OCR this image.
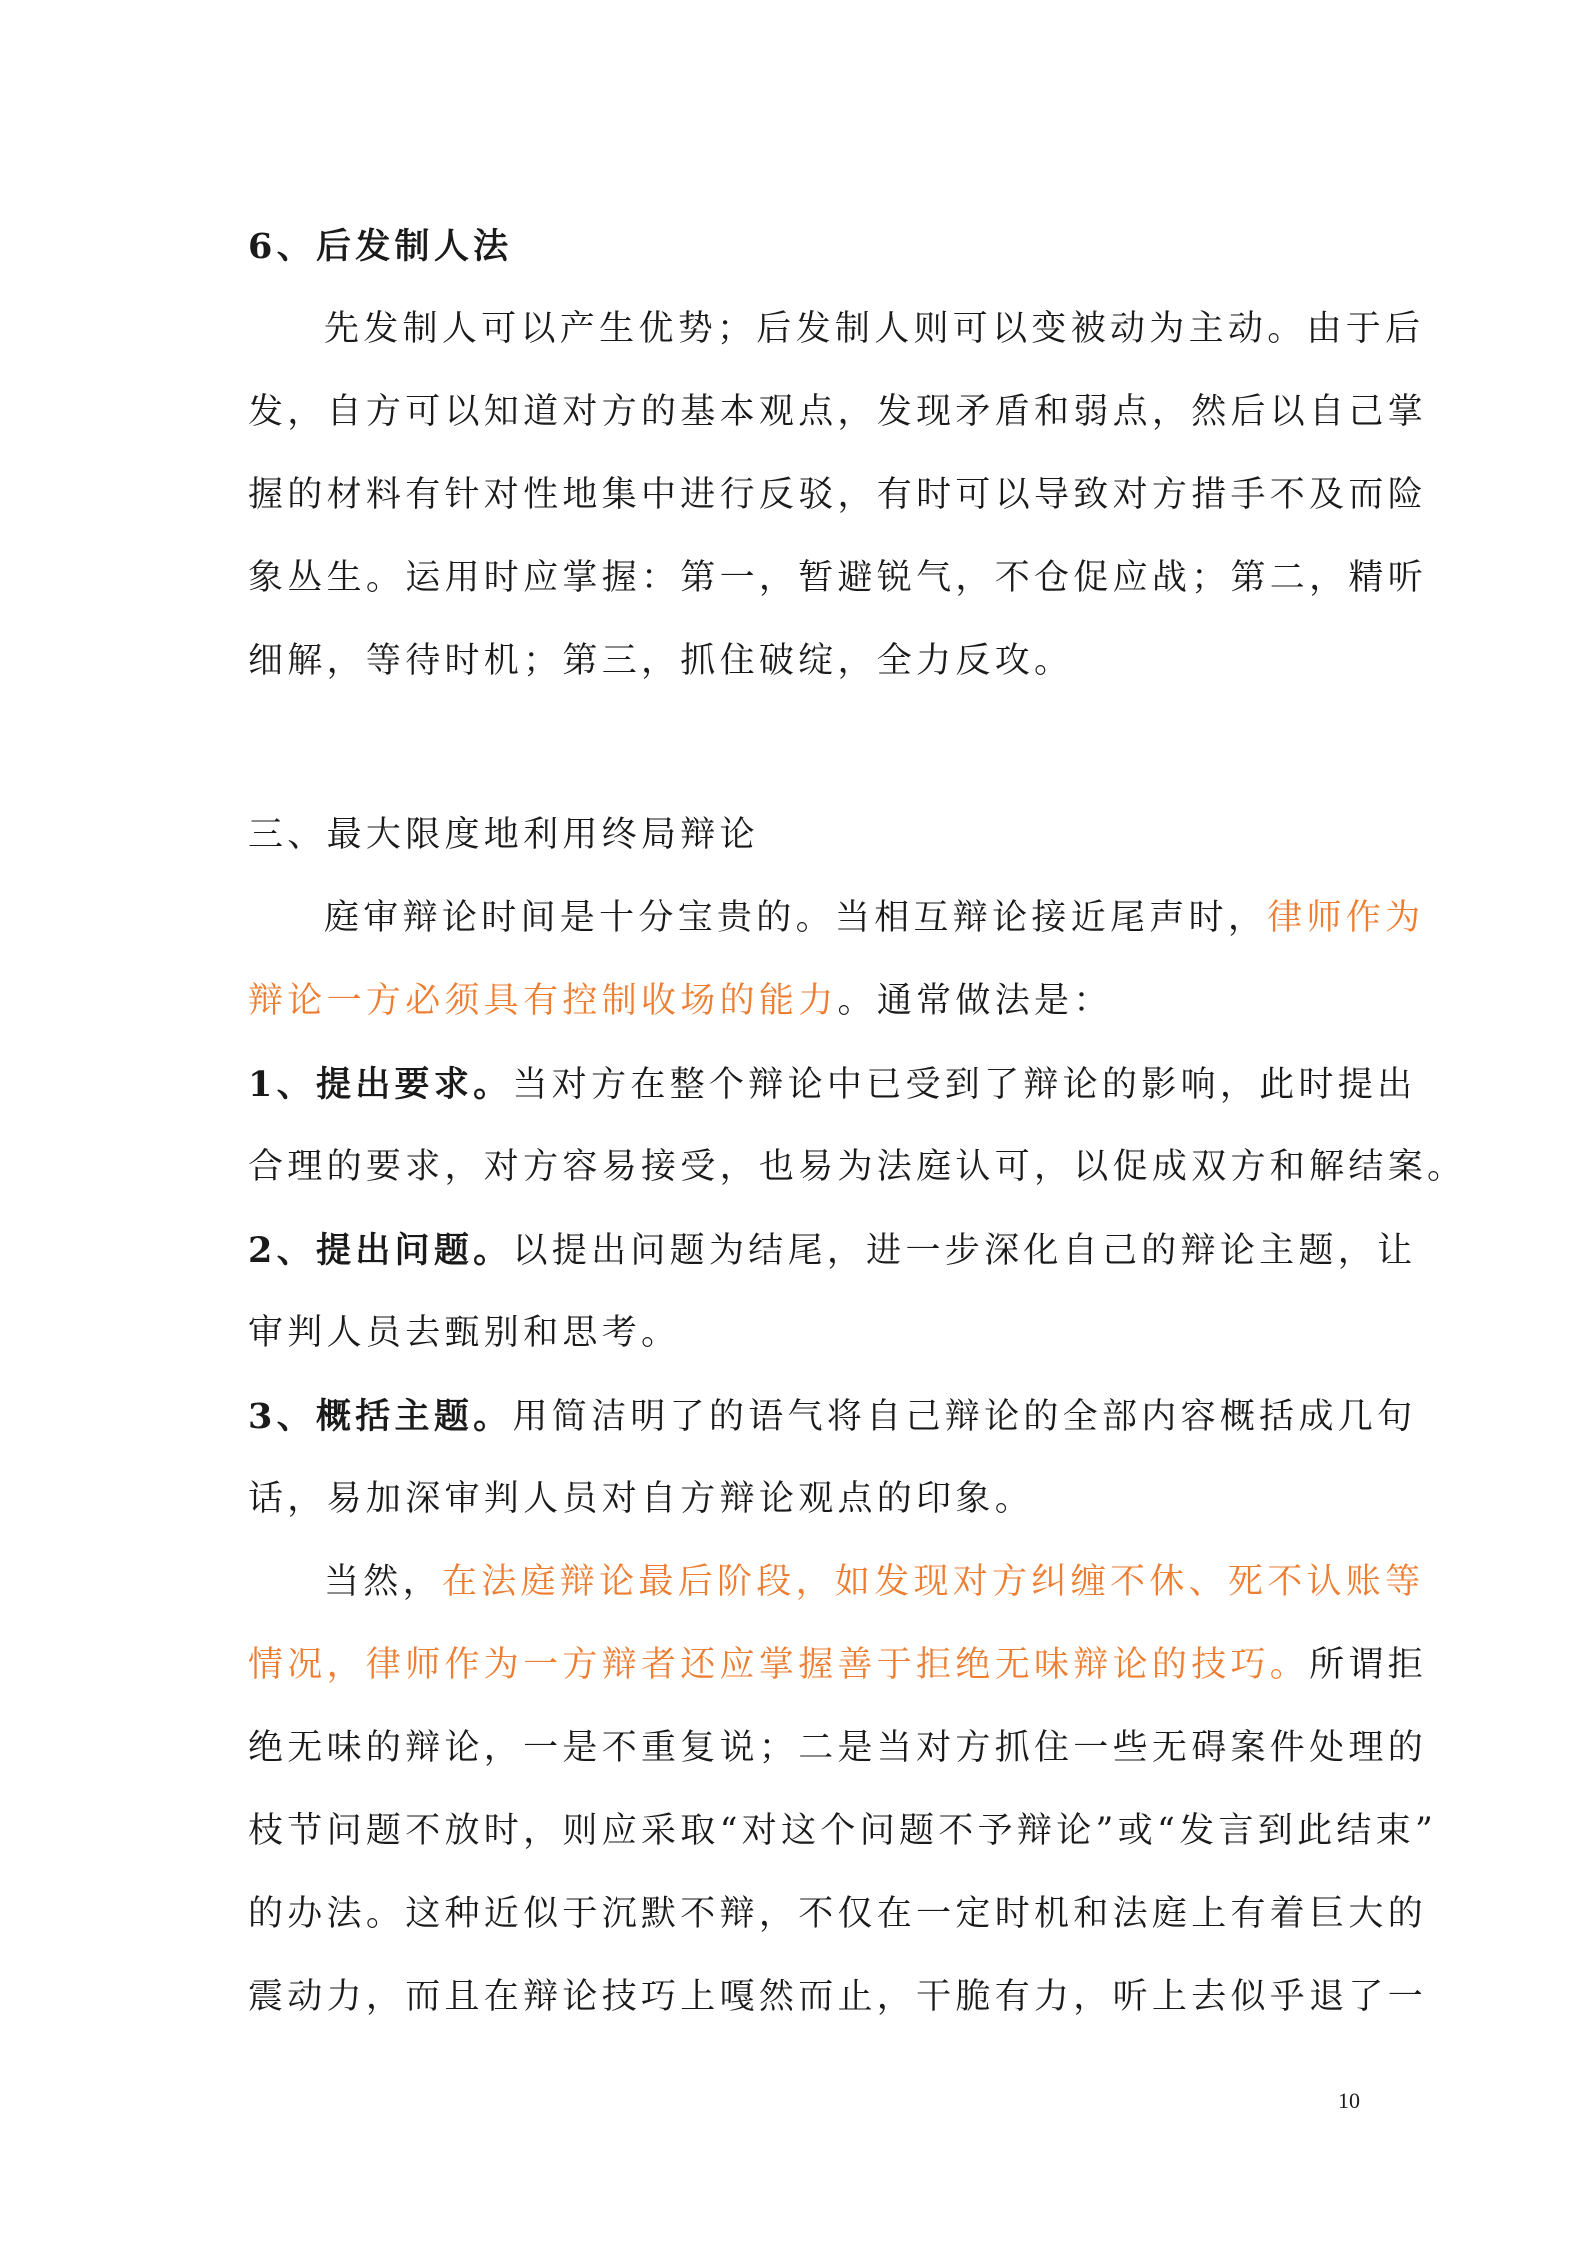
6、后发制人法
先发制人可以产生优势；后发制人则可以变被动为主动。由于后
发，自方可以知道对方的基本观点，发现矛盾和弱点，然后以自己掌
握的材料有针对性地集中进行反驳，有时可以导致对方措手不及而险
象丛生。运用时应掌握：第一，暂避锐气，不仓促应战；第二，精听
细解，等待时机；第三，抓住破绽，全力反攻。
三、最大限度地利用终局辩论
庭审辩论时间是十分宝贵的。当相互辩论接近尾声时，律师作为
辩论一方必须具有控制收场的能力。通常做法是：
1、提出要求。当对方在整个辩论中已受到了辩论的影响，此时提出
合理的要求，对方容易接受，也易为法庭认可，以促成双方和解结案。
2、提出问题。以提出问题为结尾，进一步深化自己的辩论主题，让
审判人员去甄别和思考。
3、概括主题。用简洁明了的语气将自己辩论的全部内容概括成几句
话，易加深审判人员对自方辩论观点的印象。
当然，在法庭辩论最后阶段，如发现对方纠缠不休、死不认账等
情况，律师作为一方辩者还应掌握善于拒绝无味辩论的技巧。所谓拒
绝无味的辩论，一是不重复说；二是当对方抓住一些无碍案件处理的
枝节问题不放时，则应采取“对这个问题不予辩论”或“发言到此结束”
的办法。这种近似于沉默不辩，不仅在一定时机和法庭上有着巨大的
震动力，而且在辩论技巧上嘎然而止，干脆有力，听上去似乎退了一
10
